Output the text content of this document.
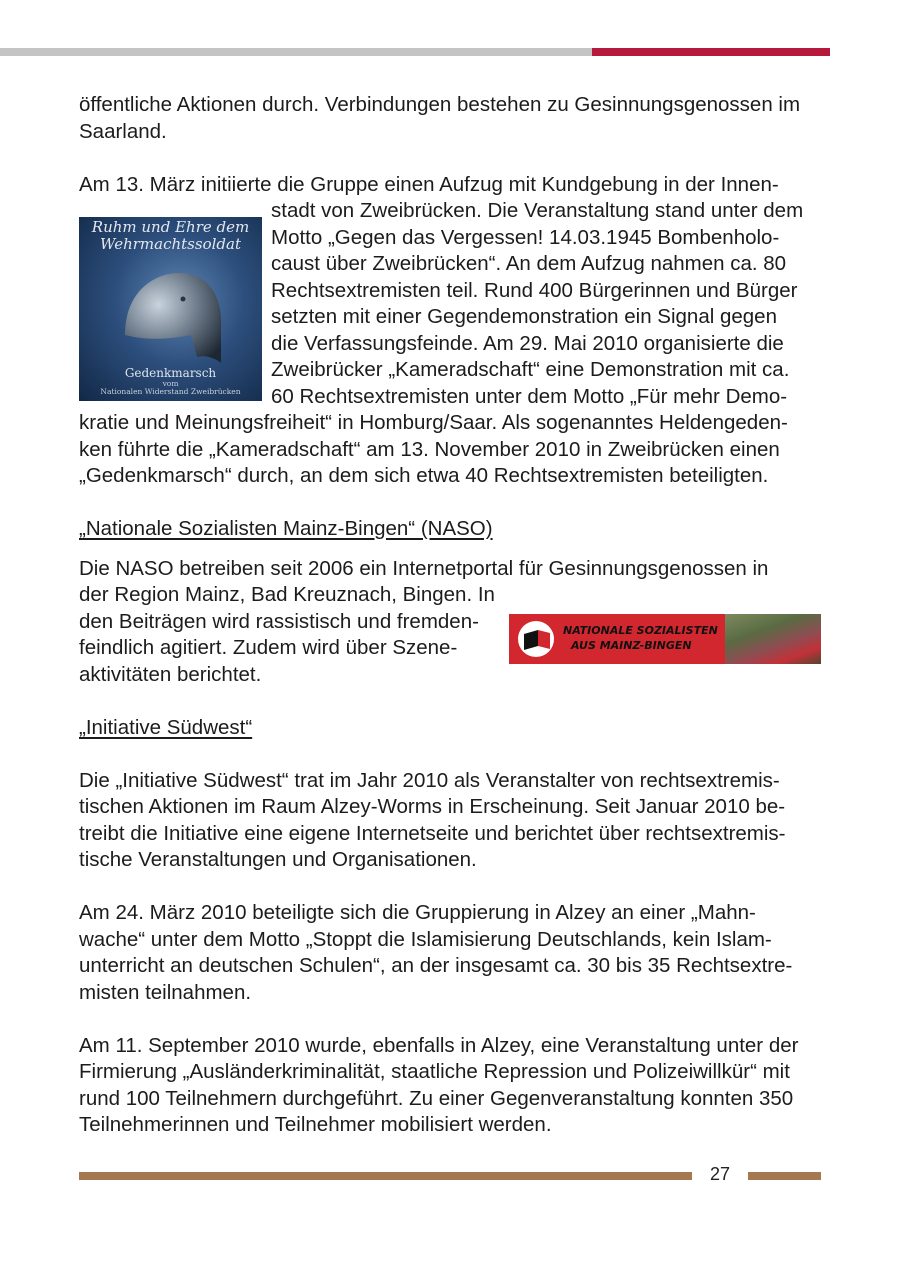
öffentliche Aktionen durch. Verbindungen bestehen zu Gesinnungsgenossen im
Saarland.
Am 13. März initiierte die Gruppe einen Aufzug mit Kundgebung in der Innen-
stadt von Zweibrücken. Die Veranstaltung stand unter dem
Motto „Gegen das Vergessen! 14.03.1945 Bombenholo-
caust über Zweibrücken“. An dem Aufzug nahmen ca. 80
Rechtsextremisten teil. Rund 400 Bürgerinnen und Bürger
setzten mit einer Gegendemonstration ein Signal gegen
die Verfassungsfeinde. Am 29. Mai 2010 organisierte die
Zweibrücker „Kameradschaft“ eine Demonstration mit ca.
60 Rechtsextremisten unter dem Motto „Für mehr Demo-
kratie und Meinungsfreiheit“ in Homburg/Saar. Als sogenanntes Heldengeden-
ken führte die „Kameradschaft“ am 13. November 2010 in Zweibrücken einen
„Gedenkmarsch“ durch, an dem sich etwa 40 Rechtsextremisten beteiligten.
„Nationale Sozialisten Mainz-Bingen“ (NASO)
Die NASO betreiben seit 2006 ein Internetportal für Gesinnungsgenossen in
der Region Mainz, Bad Kreuznach, Bingen. In
den Beiträgen wird rassistisch und fremden-
feindlich agitiert. Zudem wird über Szene-
aktivitäten berichtet.
„Initiative Südwest“
Die „Initiative Südwest“ trat im Jahr 2010 als Veranstalter von rechtsextremis-
tischen Aktionen im Raum Alzey-Worms in Erscheinung. Seit Januar 2010 be-
treibt die Initiative eine eigene Internetseite und berichtet über rechtsextremis-
tische Veranstaltungen und Organisationen.
Am 24. März 2010 beteiligte sich die Gruppierung in Alzey an einer „Mahn-
wache“ unter dem Motto „Stoppt die Islamisierung Deutschlands, kein Islam-
unterricht an deutschen Schulen“, an der insgesamt ca. 30 bis 35 Rechtsextre-
misten teilnahmen.
Am 11. September 2010 wurde, ebenfalls in Alzey, eine Veranstaltung unter der
Firmierung „Ausländerkriminalität, staatliche Repression und Polizeiwillkür“ mit
rund 100 Teilnehmern durchgeführt. Zu einer Gegenveranstaltung konnten 350
Teilnehmerinnen und Teilnehmer mobilisiert werden.
Ruhm und Ehre dem
Wehrmachtssoldat
Gedenkmarsch
vom
Nationalen Widerstand Zweibrücken
NATIONALE SOZIALISTEN
AUS MAINZ-BINGEN
27
